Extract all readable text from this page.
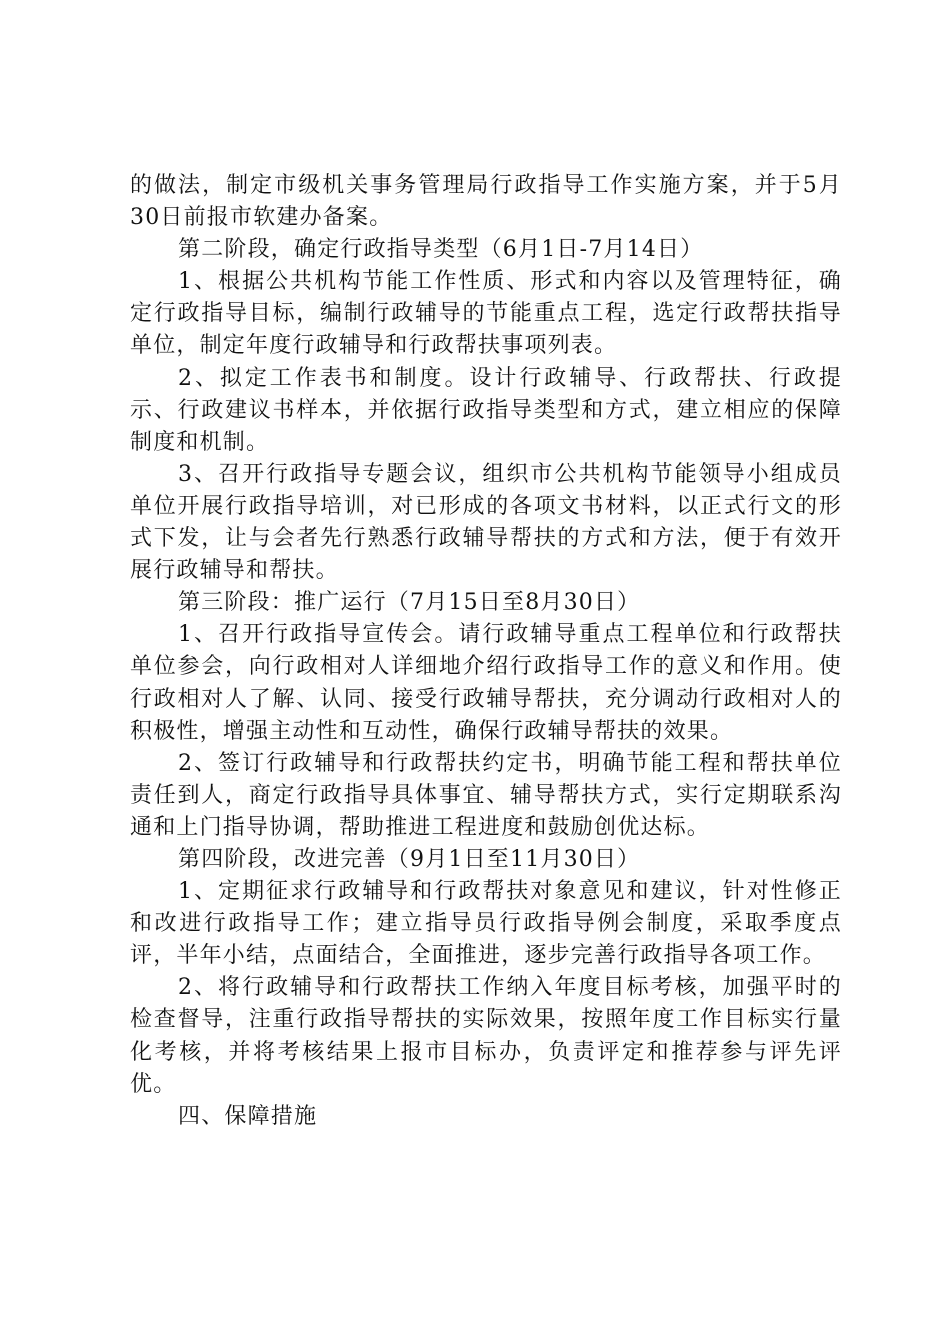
的做法，制定市级机关事务管理局行政指导工作实施方案，并于5月30日前报市软建办备案。

第二阶段，确定行政指导类型（6月1日-7月14日）

1、根据公共机构节能工作性质、形式和内容以及管理特征，确定行政指导目标，编制行政辅导的节能重点工程，选定行政帮扶指导单位，制定年度行政辅导和行政帮扶事项列表。

2、拟定工作表书和制度。设计行政辅导、行政帮扶、行政提示、行政建议书样本，并依据行政指导类型和方式，建立相应的保障制度和机制。

3、召开行政指导专题会议，组织市公共机构节能领导小组成员单位开展行政指导培训，对已形成的各项文书材料，以正式行文的形式下发，让与会者先行熟悉行政辅导帮扶的方式和方法，便于有效开展行政辅导和帮扶。

第三阶段：推广运行（7月15日至8月30日）

1、召开行政指导宣传会。请行政辅导重点工程单位和行政帮扶单位参会，向行政相对人详细地介绍行政指导工作的意义和作用。使行政相对人了解、认同、接受行政辅导帮扶，充分调动行政相对人的积极性，增强主动性和互动性，确保行政辅导帮扶的效果。

2、签订行政辅导和行政帮扶约定书，明确节能工程和帮扶单位责任到人，商定行政指导具体事宜、辅导帮扶方式，实行定期联系沟通和上门指导协调，帮助推进工程进度和鼓励创优达标。

第四阶段，改进完善（9月1日至11月30日）

1、定期征求行政辅导和行政帮扶对象意见和建议，针对性修正和改进行政指导工作；建立指导员行政指导例会制度，采取季度点评，半年小结，点面结合，全面推进，逐步完善行政指导各项工作。

2、将行政辅导和行政帮扶工作纳入年度目标考核，加强平时的检查督导，注重行政指导帮扶的实际效果，按照年度工作目标实行量化考核，并将考核结果上报市目标办，负责评定和推荐参与评先评优。

四、保障措施
